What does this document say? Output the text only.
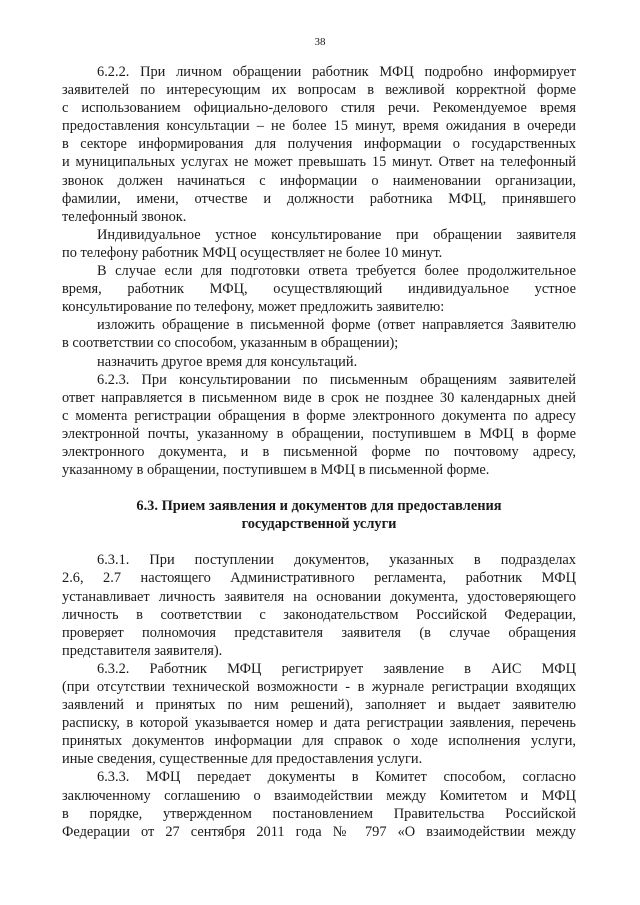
38
6.2.2. При личном обращении работник МФЦ подробно информирует
заявителей по интересующим их вопросам в вежливой корректной форме
с использованием официально-делового стиля речи. Рекомендуемое время
предоставления консультации – не более 15 минут, время ожидания в очереди
в секторе информирования для получения информации о государственных
и муниципальных услугах не может превышать 15 минут. Ответ на телефонный
звонок должен начинаться с информации о наименовании организации,
фамилии, имени, отчестве и должности работника МФЦ, принявшего
телефонный звонок.
Индивидуальное устное консультирование при обращении заявителя
по телефону работник МФЦ осуществляет не более 10 минут.
В случае если для подготовки ответа требуется более продолжительное
время, работник МФЦ, осуществляющий индивидуальное устное
консультирование по телефону, может предложить заявителю:
изложить обращение в письменной форме (ответ направляется Заявителю
в соответствии со способом, указанным в обращении);
назначить другое время для консультаций.
6.2.3. При консультировании по письменным обращениям заявителей
ответ направляется в письменном виде в срок не позднее 30 календарных дней
с момента регистрации обращения в форме электронного документа по адресу
электронной почты, указанному в обращении, поступившем в МФЦ в форме
электронного документа, и в письменной форме по почтовому адресу,
указанному в обращении, поступившем в МФЦ в письменной форме.
6.3. Прием заявления и документов для предоставления
государственной услуги
6.3.1. При поступлении документов, указанных в подразделах
2.6, 2.7 настоящего Административного регламента, работник МФЦ
устанавливает личность заявителя на основании документа, удостоверяющего
личность в соответствии с законодательством Российской Федерации,
проверяет полномочия представителя заявителя (в случае обращения
представителя заявителя).
6.3.2. Работник МФЦ регистрирует заявление в АИС МФЦ
(при отсутствии технической возможности - в журнале регистрации входящих
заявлений и принятых по ним решений), заполняет и выдает заявителю
расписку, в которой указывается номер и дата регистрации заявления, перечень
принятых документов информации для справок о ходе исполнения услуги,
иные сведения, существенные для предоставления услуги.
6.3.3. МФЦ передает документы в Комитет способом, согласно
заключенному соглашению о взаимодействии между Комитетом и МФЦ
в порядке, утвержденном постановлением Правительства Российской
Федерации от 27 сентября 2011 года № 797 «О взаимодействии между
